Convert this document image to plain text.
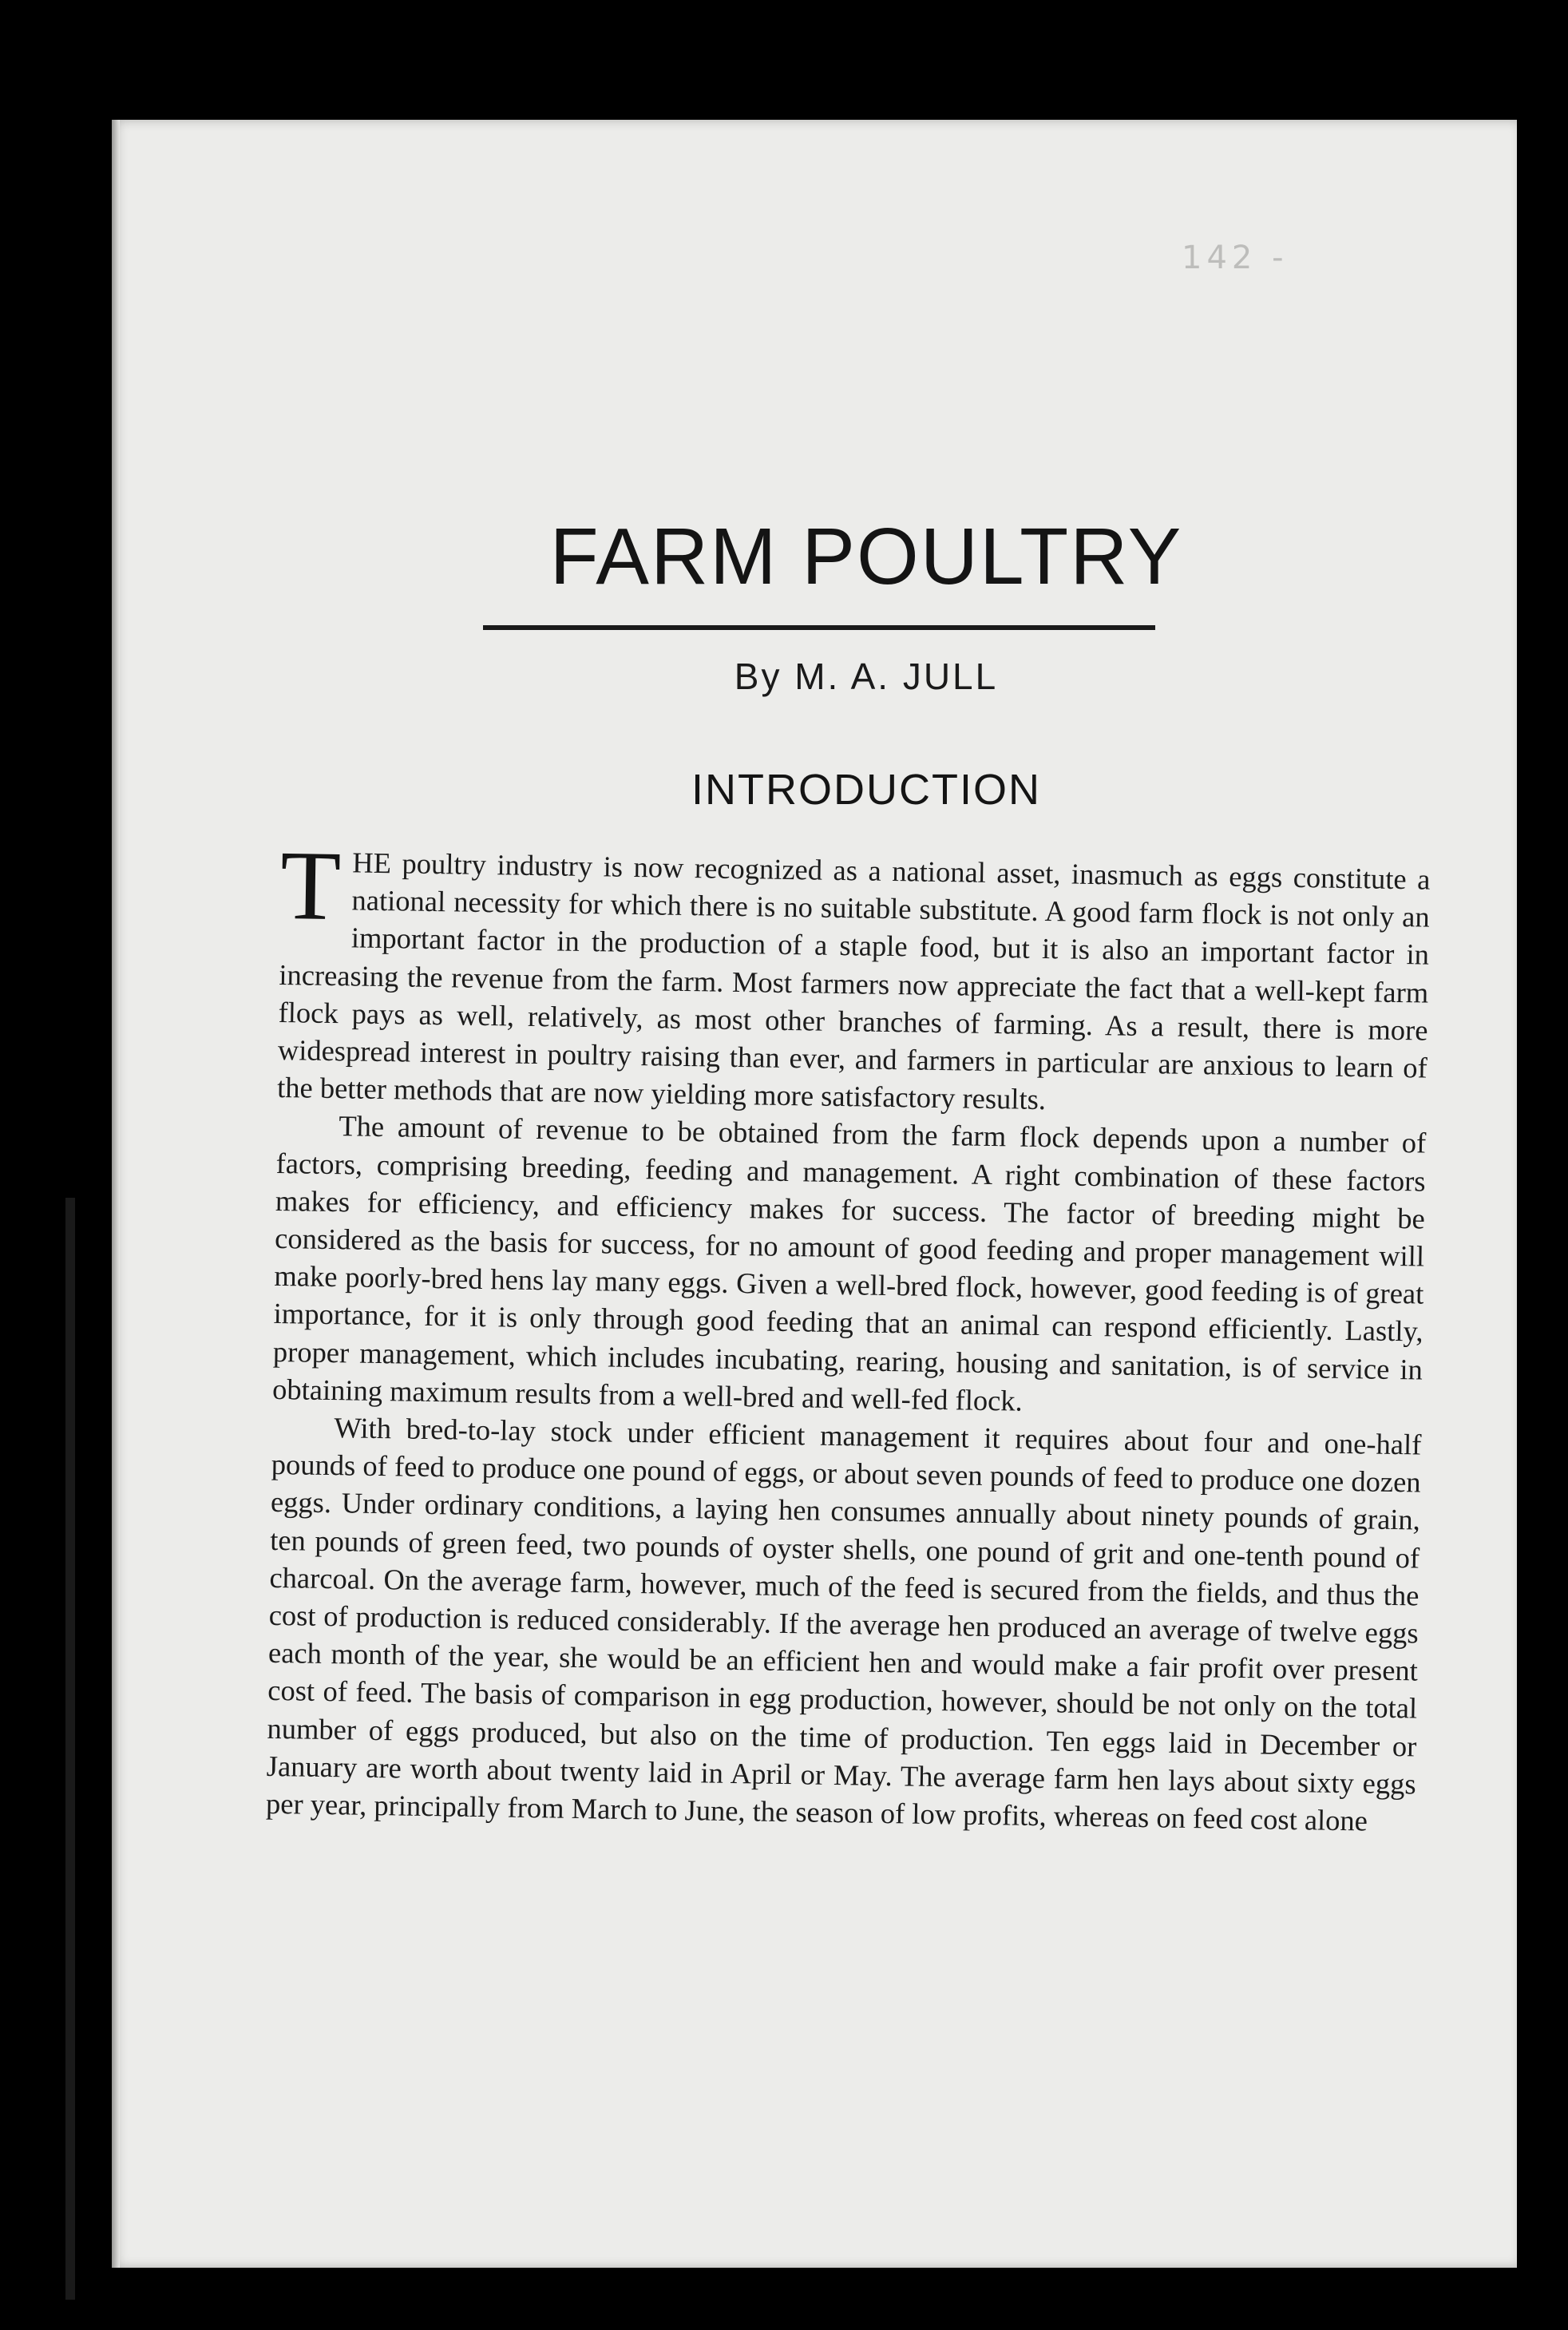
142 -
FARM POULTRY
By M. A. JULL
INTRODUCTION

THE poultry industry is now recognized as a national asset, inasmuch as eggs constitute a national necessity for which there is no suitable substitute. A good farm flock is not only an important factor in the production of a staple food, but it is also an important factor in increasing the revenue from the farm. Most farmers now appreciate the fact that a well-kept farm flock pays as well, relatively, as most other branches of farming. As a result, there is more widespread interest in poultry raising than ever, and farmers in particular are anxious to learn of the better methods that are now yielding more satisfactory results.

The amount of revenue to be obtained from the farm flock depends upon a number of factors, comprising breeding, feeding and management. A right combination of these factors makes for efficiency, and efficiency makes for success. The factor of breeding might be considered as the basis for success, for no amount of good feeding and proper management will make poorly-bred hens lay many eggs. Given a well-bred flock, however, good feeding is of great importance, for it is only through good feeding that an animal can respond efficiently. Lastly, proper management, which includes incubating, rearing, housing and sanitation, is of service in obtaining maximum results from a well-bred and well-fed flock.

With bred-to-lay stock under efficient management it requires about four and one-half pounds of feed to produce one pound of eggs, or about seven pounds of feed to produce one dozen eggs. Under ordinary conditions, a laying hen consumes annually about ninety pounds of grain, ten pounds of green feed, two pounds of oyster shells, one pound of grit and one-tenth pound of charcoal. On the average farm, however, much of the feed is secured from the fields, and thus the cost of production is reduced considerably. If the average hen produced an average of twelve eggs each month of the year, she would be an efficient hen and would make a fair profit over present cost of feed. The basis of comparison in egg production, however, should be not only on the total number of eggs produced, but also on the time of production. Ten eggs laid in December or January are worth about twenty laid in April or May. The average farm hen lays about sixty eggs per year, principally from March to June, the season of low profits, whereas on feed cost alone
